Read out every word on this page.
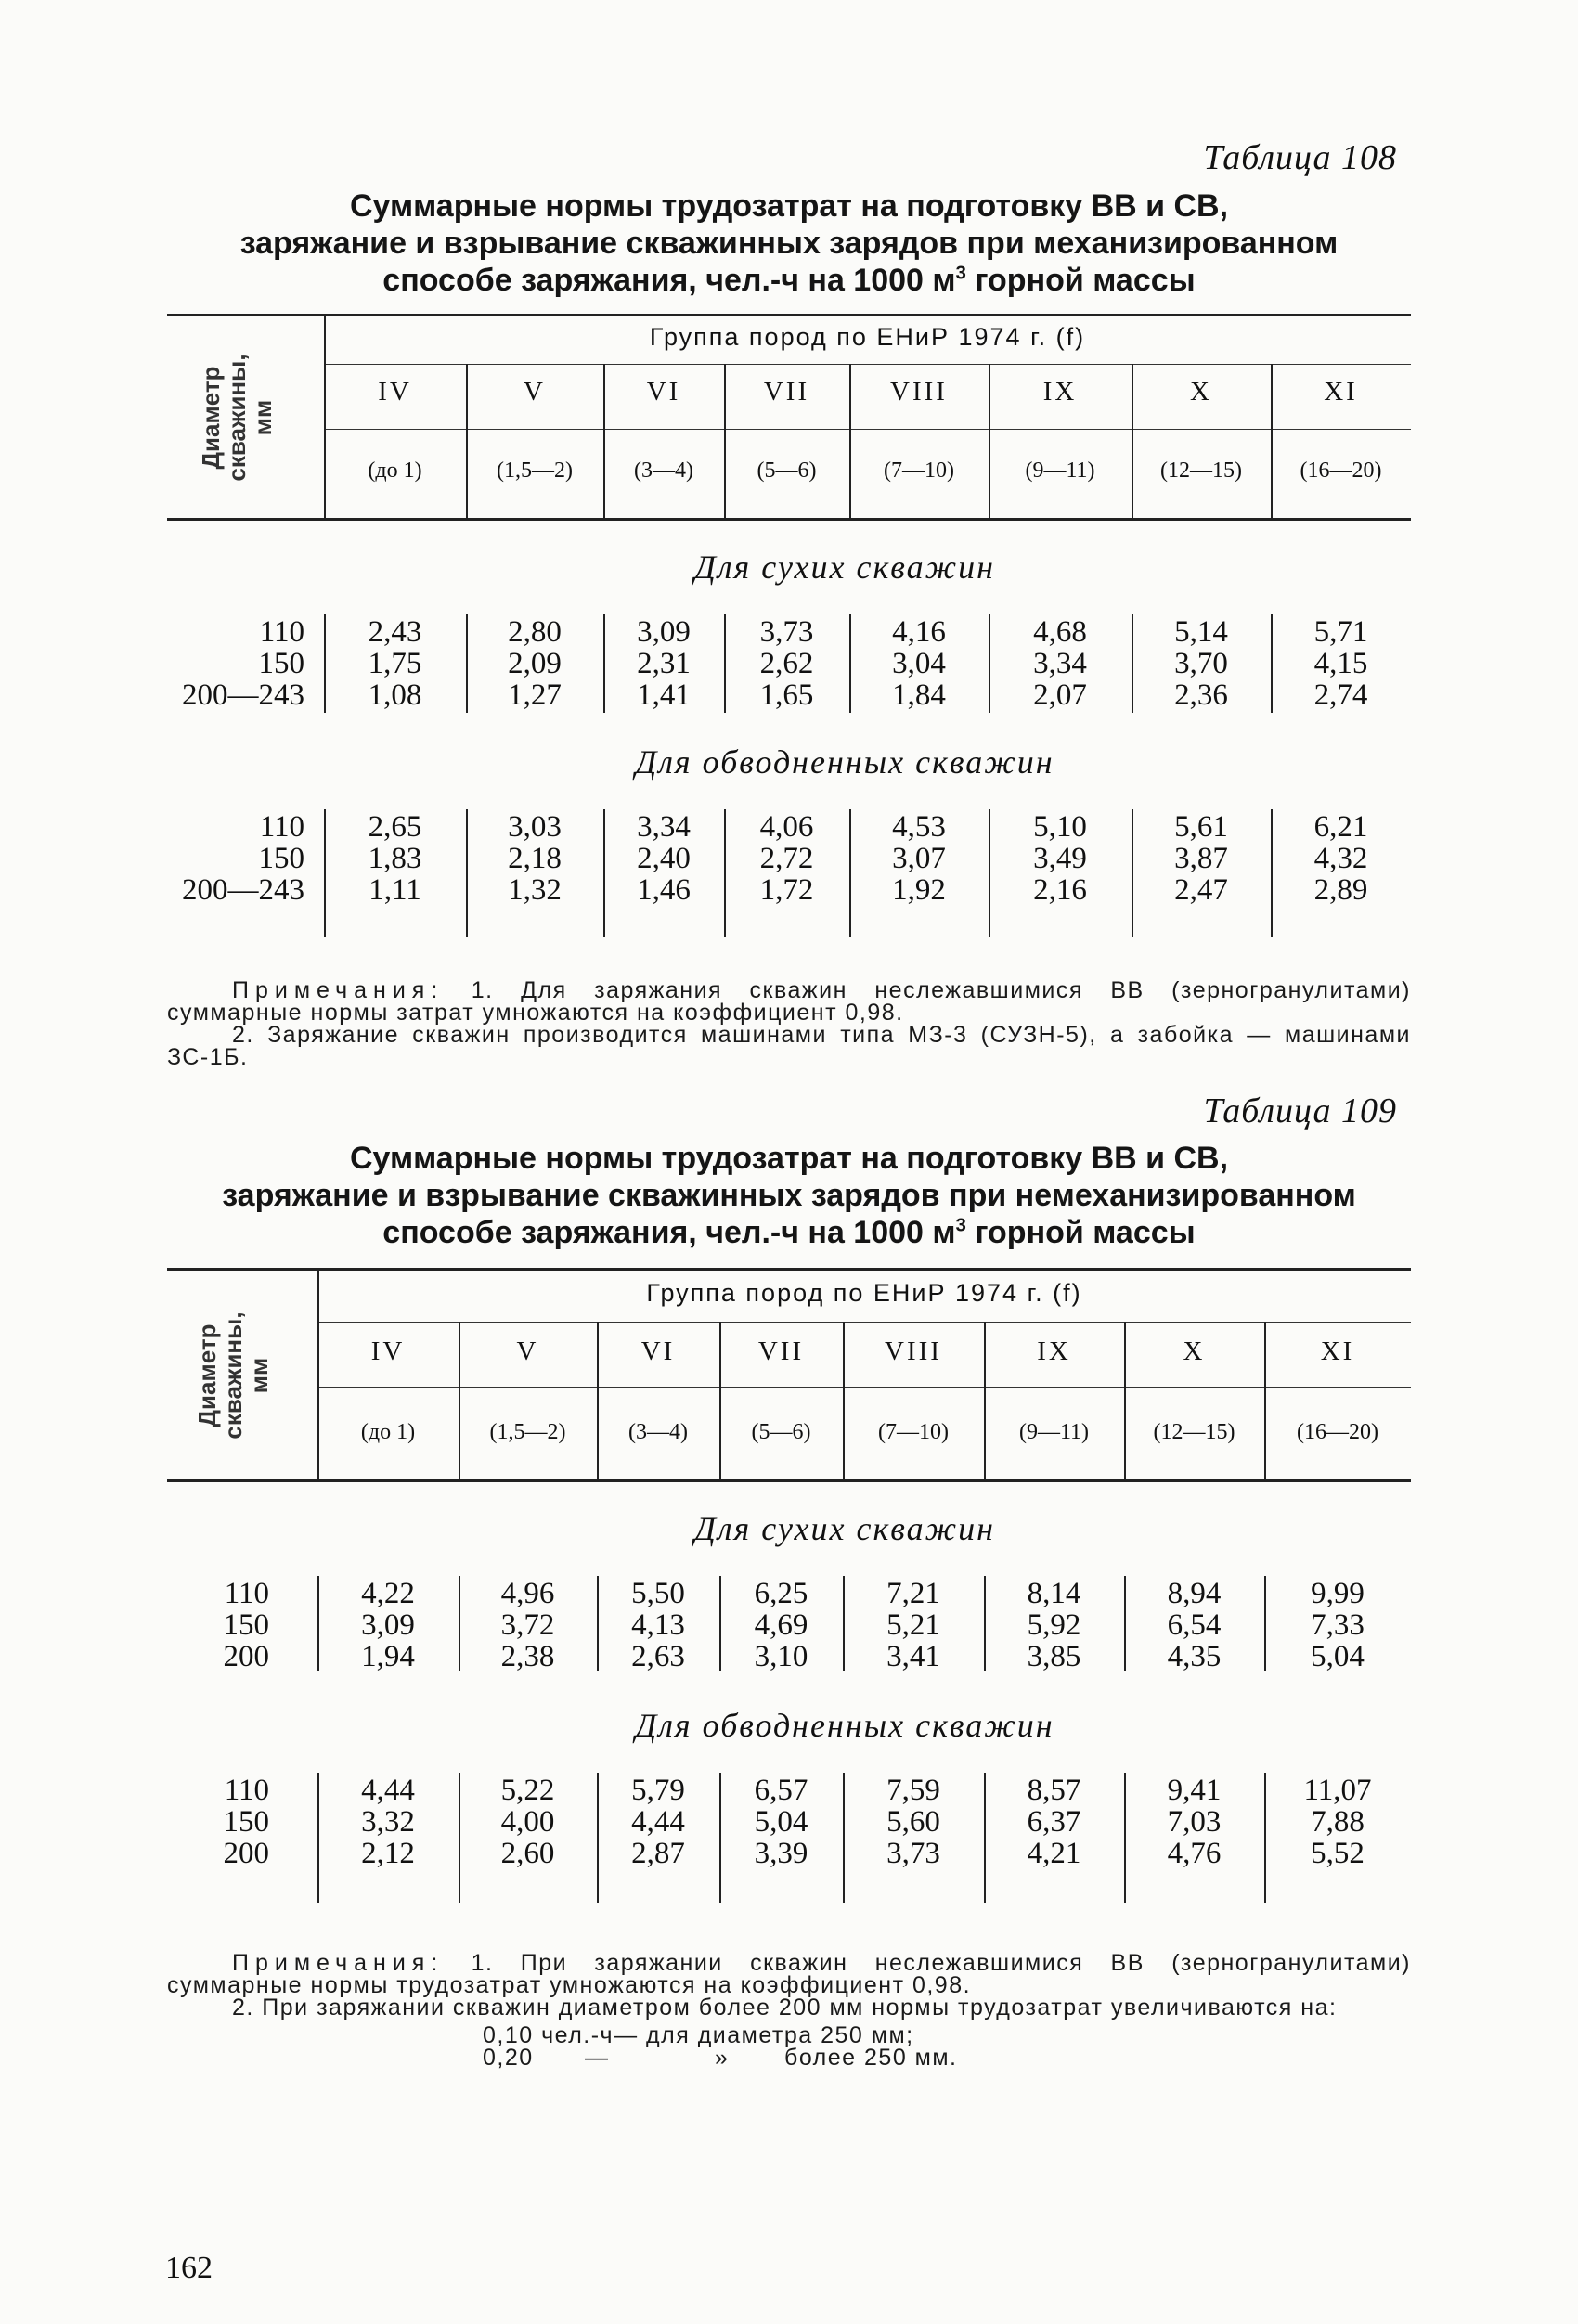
Таблица 108
Суммарные нормы трудозатрат на подготовку ВВ и СВ,
заряжание и взрывание скважинных зарядов при механизированном
способе заряжания, чел.-ч на 1000 $м^3$ горной массы
Диаметр
скважины,
мм
Группа пород по ЕНиР 1974 г. (f)
IV
(до 1)
V
(1,5—2)
VI
(3—4)
VII
(5—6)
VIII
(7—10)
IX
(9—11)
X
(12—15)
XI
(16—20)
Для сухих скважин
110
150
200—243
2,43
1,75
1,08
2,80
2,09
1,27
3,09
2,31
1,41
3,73
2,62
1,65
4,16
3,04
1,84
4,68
3,34
2,07
5,14
3,70
2,36
5,71
4,15
2,74
Для обводненных скважин
110
150
200—243
2,65
1,83
1,11
3,03
2,18
1,32
3,34
2,40
1,46
4,06
2,72
1,72
4,53
3,07
1,92
5,10
3,49
2,16
5,61
3,87
2,47
6,21
4,32
2,89

Примечания: 1. Для заряжания скважин неслежавшимися ВВ (зерногранулитами) суммарные нормы затрат умножаются на коэффициент 0,98.

2. Заряжание скважин производится машинами типа МЗ-3 (СУЗН-5), а забойка — машинами ЗС-1Б.

Таблица 109
Суммарные нормы трудозатрат на подготовку ВВ и СВ,
заряжание и взрывание скважинных зарядов при немеханизированном
способе заряжания, чел.-ч на 1000 $м^3$ горной массы
Диаметр
скважины,
мм
Группа пород по ЕНиР 1974 г. (f)
IV
(до 1)
V
(1,5—2)
VI
(3—4)
VII
(5—6)
VIII
(7—10)
IX
(9—11)
X
(12—15)
XI
(16—20)
Для сухих скважин
110
150
200
4,22
3,09
1,94
4,96
3,72
2,38
5,50
4,13
2,63
6,25
4,69
3,10
7,21
5,21
3,41
8,14
5,92
3,85
8,94
6,54
4,35
9,99
7,33
5,04
Для обводненных скважин
110
150
200
4,44
3,32
2,12
5,22
4,00
2,60
5,79
4,44
2,87
6,57
5,04
3,39
7,59
5,60
3,73
8,57
6,37
4,21
9,41
7,03
4,76
11,07
7,88
5,52

Примечания: 1. При заряжании скважин неслежавшимися ВВ (зерногранулитами) суммарные нормы трудозатрат умножаются на коэффициент 0,98.

2. При заряжании скважин диаметром более 200 мм нормы трудозатрат увеличиваются на:

0,10 чел.-ч— для диаметра 250 мм;
0,20 —	» более 250 мм.
162
